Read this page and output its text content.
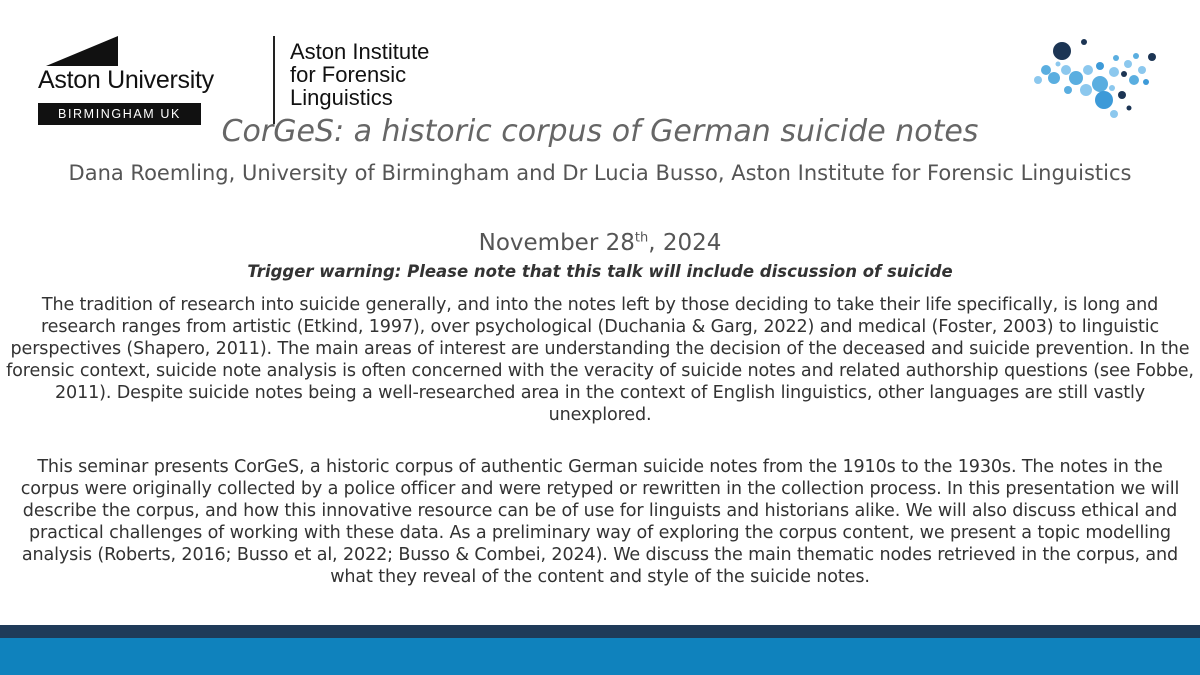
Aston University
BIRMINGHAM UK
Aston Institute
for Forensic
Linguistics
CorGeS: a historic corpus of German suicide notes
Dana Roemling, University of Birmingham and Dr Lucia Busso, Aston Institute for Forensic Linguistics
November 28th, 2024
Trigger warning: Please note that this talk will include discussion of suicide
The tradition of research into suicide generally, and into the notes left by those deciding to take their life specifically, is long and research ranges from artistic (Etkind, 1997), over psychological (Duchania & Garg, 2022) and medical (Foster, 2003) to linguistic perspectives (Shapero, 2011). The main areas of interest are understanding the decision of the deceased and suicide prevention. In the forensic context, suicide note analysis is often concerned with the veracity of suicide notes and related authorship questions (see Fobbe, 2011). Despite suicide notes being a well-researched area in the context of English linguistics, other languages are still vastly unexplored.
This seminar presents CorGeS, a historic corpus of authentic German suicide notes from the 1910s to the 1930s. The notes in the corpus were originally collected by a police officer and were retyped or rewritten in the collection process. In this presentation we will describe the corpus, and how this innovative resource can be of use for linguists and historians alike. We will also discuss ethical and practical challenges of working with these data. As a preliminary way of exploring the corpus content, we present a topic modelling analysis (Roberts, 2016; Busso et al, 2022; Busso & Combei, 2024). We discuss the main thematic nodes retrieved in the corpus, and what they reveal of the content and style of the suicide notes.
